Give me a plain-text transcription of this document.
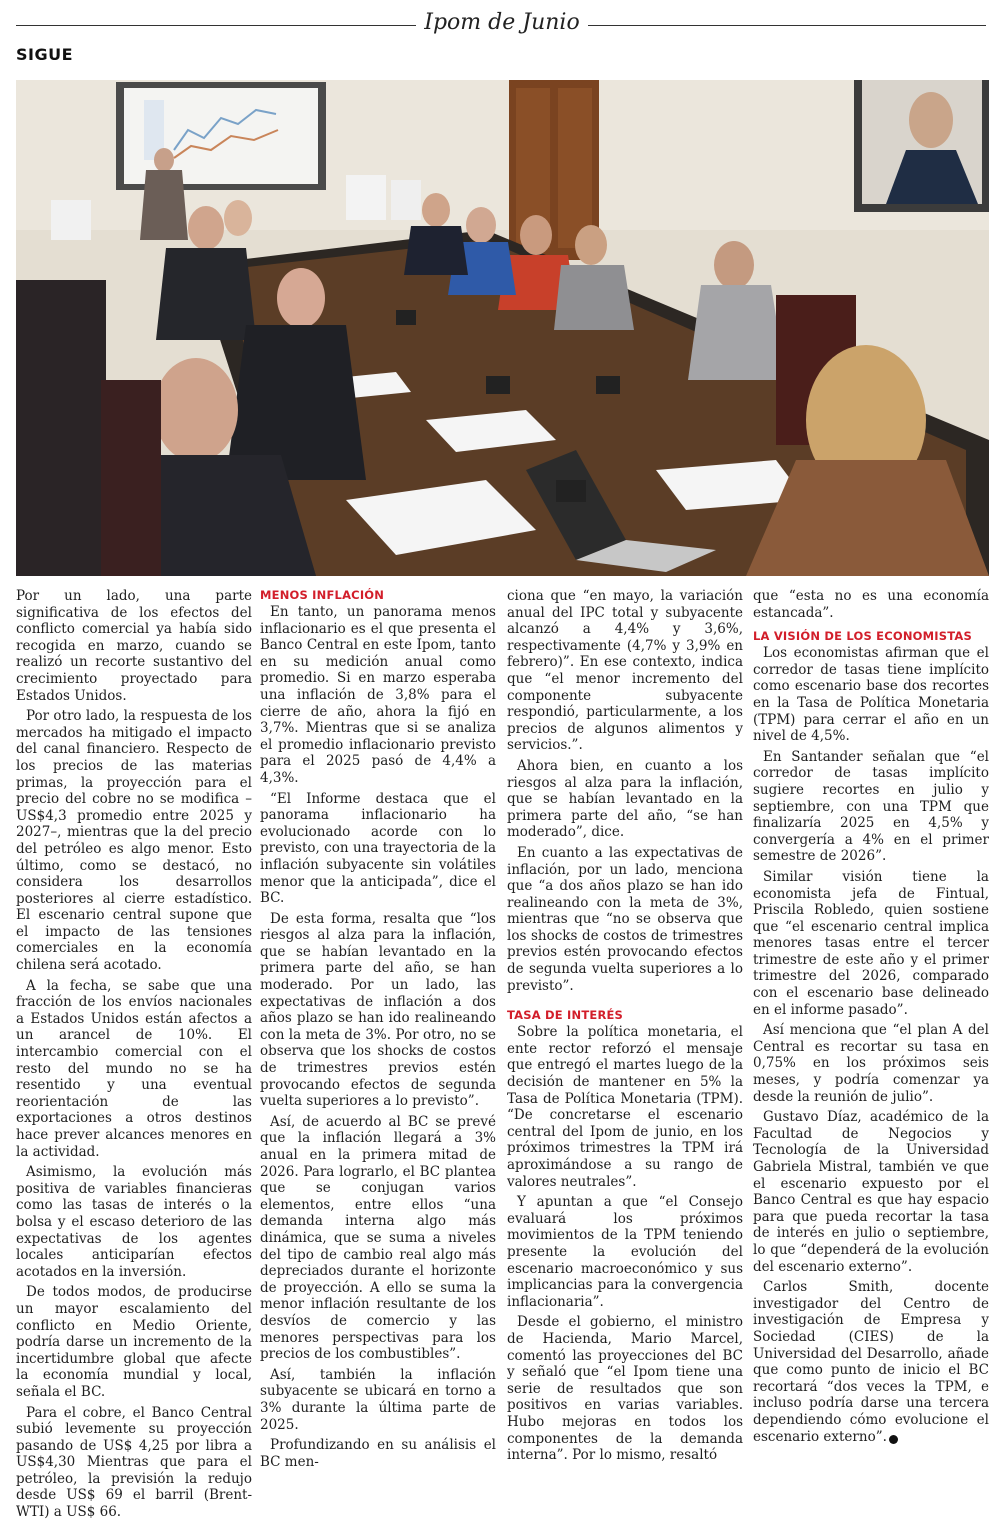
Ipom de Junio
SIGUE

Por un lado, una parte significativa de los efectos del conflicto comercial ya había sido recogida en marzo, cuando se realizó un recorte sustantivo del crecimiento proyectado para Estados Unidos.

Por otro lado, la respuesta de los mercados ha mitigado el impacto del canal financiero. Respecto de los precios de las materias primas, la proyección para el precio del cobre no se modifica –US$4,3 promedio entre 2025 y 2027–, mientras que la del precio del petróleo es algo menor. Esto último, como se destacó, no considera los desarrollos posteriores al cierre estadístico. El escenario central supone que el impacto de las tensiones comerciales en la economía chilena será acotado.

A la fecha, se sabe que una fracción de los envíos nacionales a Estados Unidos están afectos a un arancel de 10%. El intercambio comercial con el resto del mundo no se ha resentido y una eventual reorientación de las exportaciones a otros destinos hace prever alcances menores en la actividad.

Asimismo, la evolución más positiva de variables financieras como las tasas de interés o la bolsa y el escaso deterioro de las expectativas de los agentes locales anticiparían efectos acotados en la inversión.

De todos modos, de producirse un mayor escalamiento del conflicto en Medio Oriente, podría darse un incremento de la incertidumbre global que afecte la economía mundial y local, señala el BC.

Para el cobre, el Banco Central subió levemente su proyección pasando de US$ 4,25 por libra a US$4,30 Mientras que para el petróleo, la previsión la redujo desde US$ 69 el barril (Brent-WTI) a US$ 66.

MENOS INFLACIÓN

En tanto, un panorama menos inflacionario es el que presenta el Banco Central en este Ipom, tanto en su medición anual como promedio. Si en marzo esperaba una inflación de 3,8% para el cierre de año, ahora la fijó en 3,7%. Mientras que si se analiza el promedio inflacionario previsto para el 2025 pasó de 4,4% a 4,3%.

“El Informe destaca que el panorama inflacionario ha evolucionado acorde con lo previsto, con una trayectoria de la inflación subyacente sin volátiles menor que la anticipada”, dice el BC.

De esta forma, resalta que “los riesgos al alza para la inflación, que se habían levantado en la primera parte del año, se han moderado. Por un lado, las expectativas de inflación a dos años plazo se han ido realineando con la meta de 3%. Por otro, no se observa que los shocks de costos de trimestres previos estén provocando efectos de segunda vuelta superiores a lo previsto”.

Así, de acuerdo al BC se prevé que la inflación llegará a 3% anual en la primera mitad de 2026. Para lograrlo, el BC plantea que se conjugan varios elementos, entre ellos “una demanda interna algo más dinámica, que se suma a niveles del tipo de cambio real algo más depreciados durante el horizonte de proyección. A ello se suma la menor inflación resultante de los desvíos de comercio y las menores perspectivas para los precios de los combustibles”.

Así, también la inflación subyacente se ubicará en torno a 3% durante la última parte de 2025.

Profundizando en su análisis el BC men-

ciona que “en mayo, la variación anual del IPC total y subyacente alcanzó a 4,4% y 3,6%, respectivamente (4,7% y 3,9% en febrero)”. En ese contexto, indica que “el menor incremento del componente subyacente respondió, particularmente, a los precios de algunos alimentos y servicios.”.

Ahora bien, en cuanto a los riesgos al alza para la inflación, que se habían levantado en la primera parte del año, “se han moderado”, dice.

En cuanto a las expectativas de inflación, por un lado, menciona que “a dos años plazo se han ido realineando con la meta de 3%, mientras que “no se observa que los shocks de costos de trimestres previos estén provocando efectos de segunda vuelta superiores a lo previsto”.

TASA DE INTERÉS

Sobre la política monetaria, el ente rector reforzó el mensaje que entregó el martes luego de la decisión de mantener en 5% la Tasa de Política Monetaria (TPM). “De concretarse el escenario central del Ipom de junio, en los próximos trimestres la TPM irá aproximándose a su rango de valores neutrales”.

Y apuntan a que “el Consejo evaluará los próximos movimientos de la TPM teniendo presente la evolución del escenario macroeconómico y sus implicancias para la convergencia inflacionaria”.

Desde el gobierno, el ministro de Hacienda, Mario Marcel, comentó las proyecciones del BC y señaló que “el Ipom tiene una serie de resultados que son positivos en varias variables. Hubo mejoras en todos los componentes de la demanda interna”. Por lo mismo, resaltó

que “esta no es una economía estancada”.

LA VISIÓN DE LOS ECONOMISTAS

Los economistas afirman que el corredor de tasas tiene implícito como escenario base dos recortes en la Tasa de Política Monetaria (TPM) para cerrar el año en un nivel de 4,5%.

En Santander señalan que “el corredor de tasas implícito sugiere recortes en julio y septiembre, con una TPM que finalizaría 2025 en 4,5% y convergería a 4% en el primer semestre de 2026”.

Similar visión tiene la economista jefa de Fintual, Priscila Robledo, quien sostiene que “el escenario central implica menores tasas entre el tercer trimestre de este año y el primer trimestre del 2026, comparado con el escenario base delineado en el informe pasado”.

Así menciona que “el plan A del Central es recortar su tasa en 0,75% en los próximos seis meses, y podría comenzar ya desde la reunión de julio”.

Gustavo Díaz, académico de la Facultad de Negocios y Tecnología de la Universidad Gabriela Mistral, también ve que el escenario expuesto por el Banco Central es que hay espacio para que pueda recortar la tasa de interés en julio o septiembre, lo que “dependerá de la evolución del escenario externo”.

Carlos Smith, docente investigador del Centro de investigación de Empresa y Sociedad (CIES) de la Universidad del Desarrollo, añade que como punto de inicio el BC recortará “dos veces la TPM, e incluso podría darse una tercera dependiendo cómo evolucione el escenario externo”. P
